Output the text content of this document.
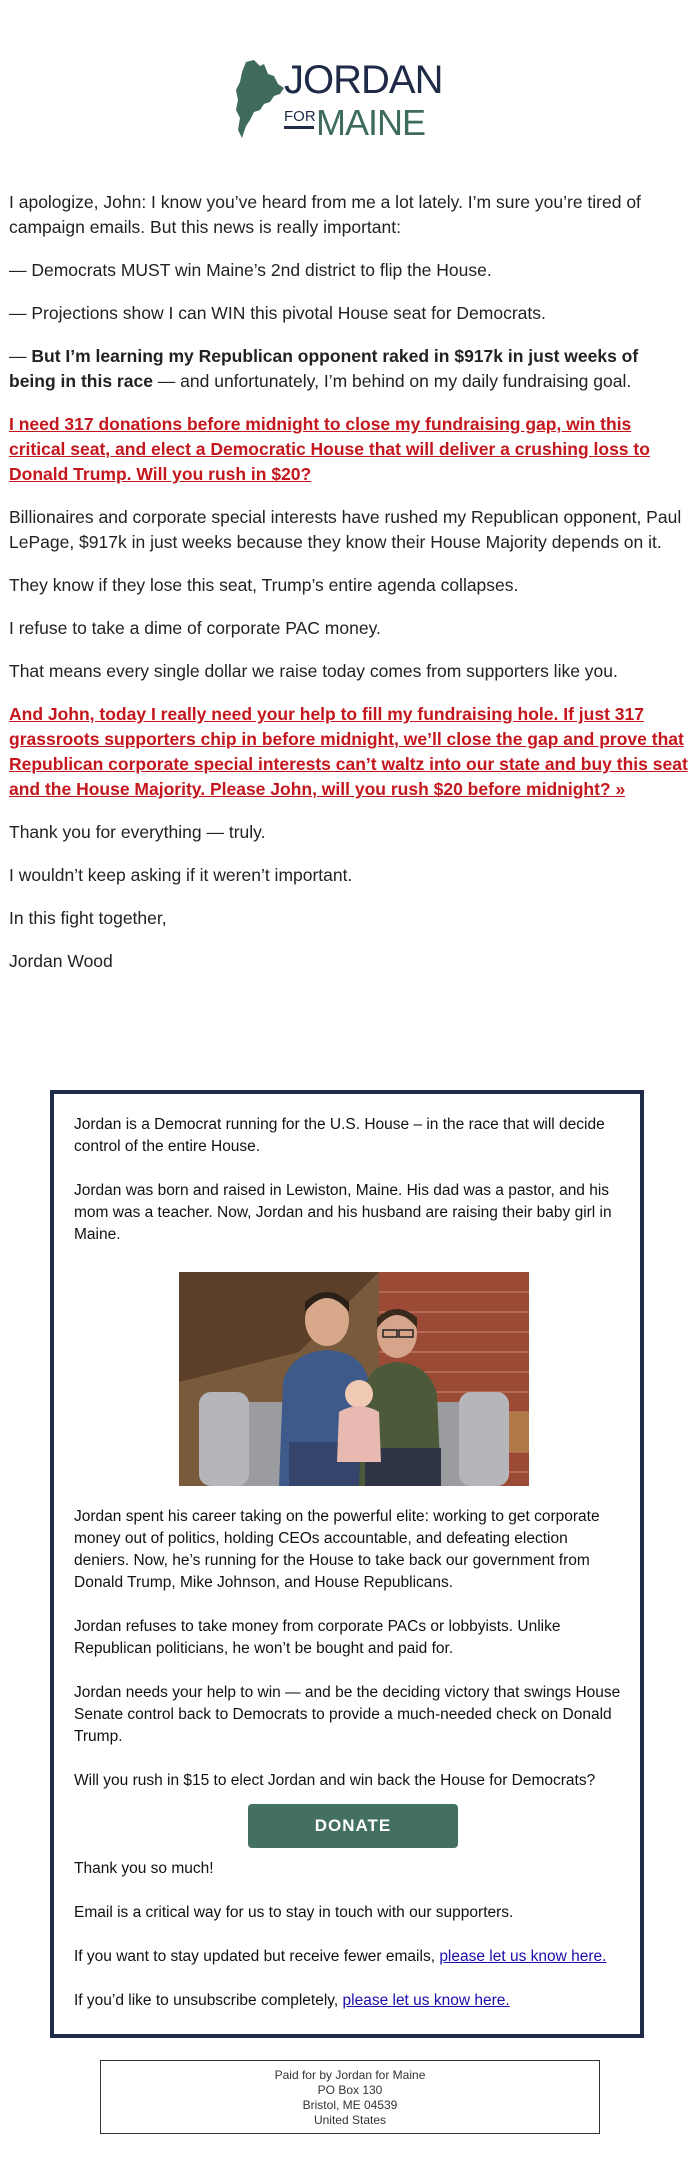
JORDAN
FOR MAINE

I apologize, John: I know you’ve heard from me a lot lately. I’m sure you’re tired of campaign emails. But this news is really important:

— Democrats MUST win Maine’s 2nd district to flip the House.

— Projections show I can WIN this pivotal House seat for Democrats.

— But I’m learning my Republican opponent raked in $917k in just weeks of being in this race — and unfortunately, I’m behind on my daily fundraising goal.

I need 317 donations before midnight to close my fundraising gap, win this critical seat, and elect a Democratic House that will deliver a crushing loss to Donald Trump. Will you rush in $20?

Billionaires and corporate special interests have rushed my Republican opponent, Paul LePage, $917k in just weeks because they know their House Majority depends on it.

They know if they lose this seat, Trump’s entire agenda collapses.

I refuse to take a dime of corporate PAC money.

That means every single dollar we raise today comes from supporters like you.

And John, today I really need your help to fill my fundraising hole. If just 317 grassroots supporters chip in before midnight, we’ll close the gap and prove that Republican corporate special interests can’t waltz into our state and buy this seat and the House Majority. Please John, will you rush $20 before midnight? »

Thank you for everything — truly.

I wouldn’t keep asking if it weren’t important.

In this fight together,

Jordan Wood

Jordan is a Democrat running for the U.S. House – in the race that will decide control of the entire House.

Jordan was born and raised in Lewiston, Maine. His dad was a pastor, and his mom was a teacher. Now, Jordan and his husband are raising their baby girl in Maine.

Jordan spent his career taking on the powerful elite: working to get corporate money out of politics, holding CEOs accountable, and defeating election deniers. Now, he’s running for the House to take back our government from Donald Trump, Mike Johnson, and House Republicans.

Jordan refuses to take money from corporate PACs or lobbyists. Unlike Republican politicians, he won’t be bought and paid for.

Jordan needs your help to win — and be the deciding victory that swings House Senate control back to Democrats to provide a much-needed check on Donald Trump.

Will you rush in $15 to elect Jordan and win back the House for Democrats?

DONATE

Thank you so much!

Email is a critical way for us to stay in touch with our supporters.

If you want to stay updated but receive fewer emails, please let us know here.

If you’d like to unsubscribe completely, please let us know here.

Paid for by Jordan for Maine
PO Box 130
Bristol, ME 04539
United States
